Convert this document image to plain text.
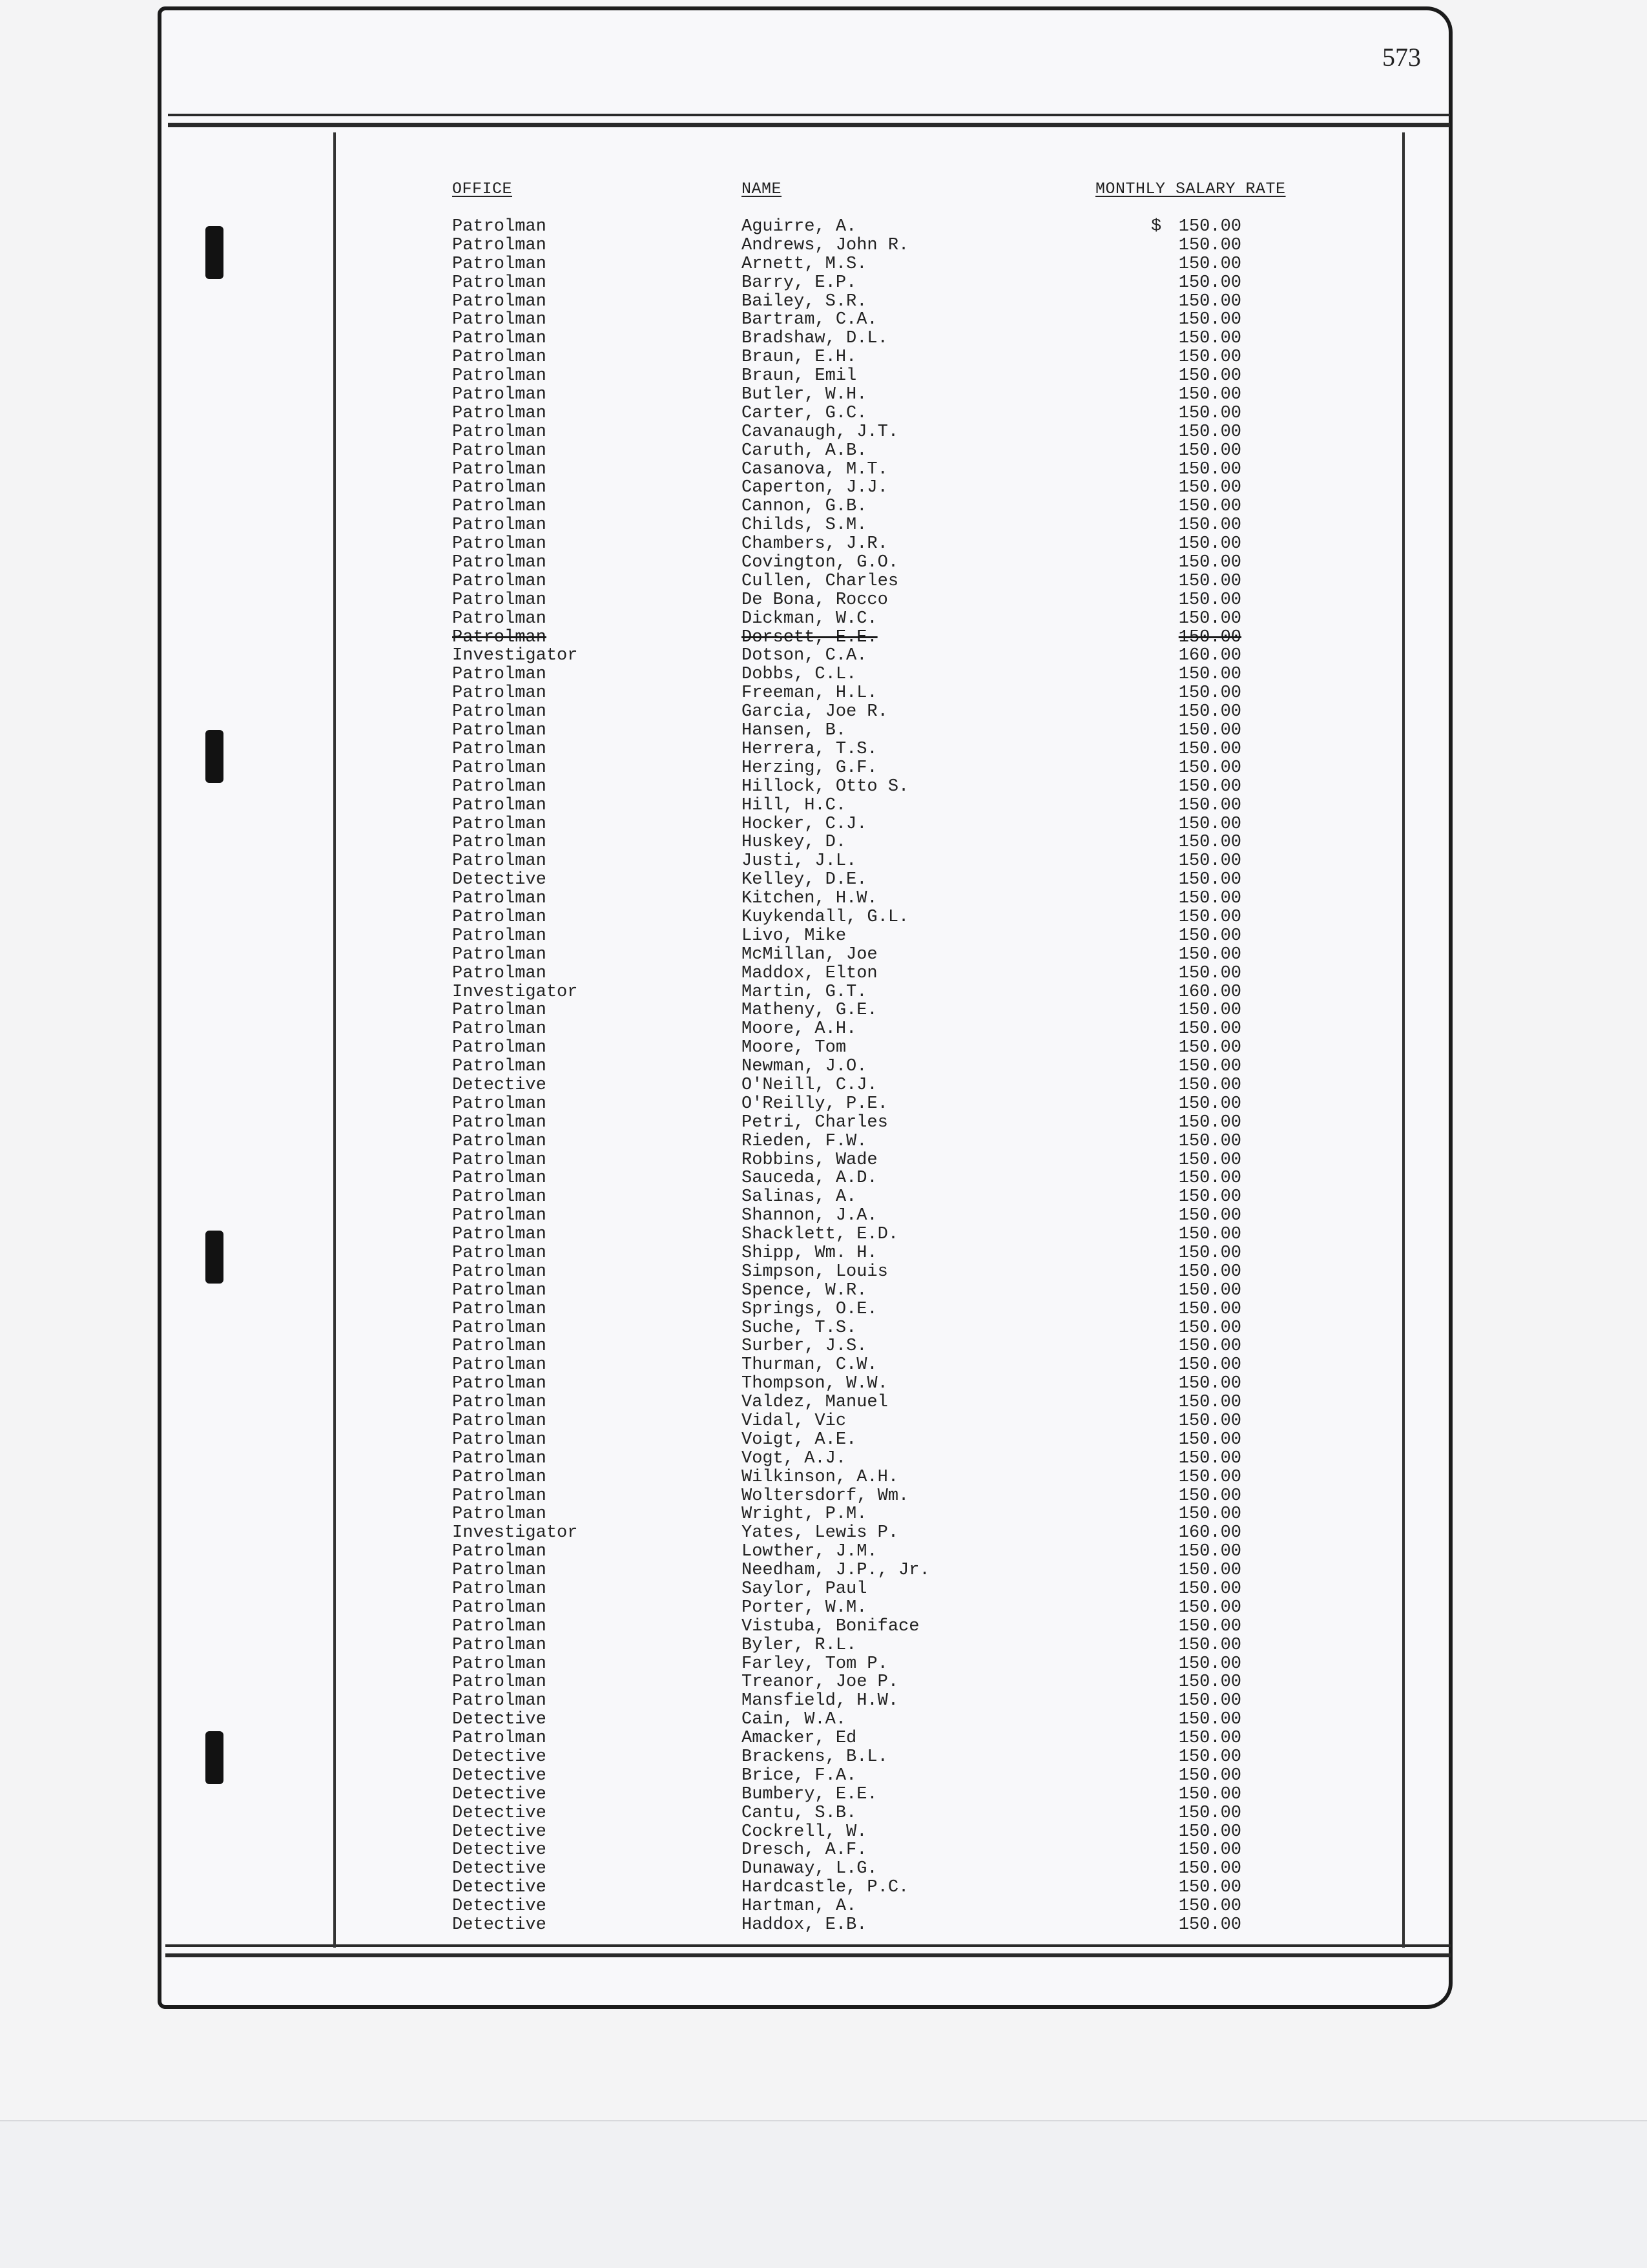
573
OFFICE	NAME	MONTHLY SALARY RATE
Patrolman	Aguirre, A.	$ 150.00
Patrolman	Andrews, John R.	150.00
Patrolman	Arnett, M.S.	150.00
Patrolman	Barry, E.P.	150.00
Patrolman	Bailey, S.R.	150.00
Patrolman	Bartram, C.A.	150.00
Patrolman	Bradshaw, D.L.	150.00
Patrolman	Braun, E.H.	150.00
Patrolman	Braun, Emil	150.00
Patrolman	Butler, W.H.	150.00
Patrolman	Carter, G.C.	150.00
Patrolman	Cavanaugh, J.T.	150.00
Patrolman	Caruth, A.B.	150.00
Patrolman	Casanova, M.T.	150.00
Patrolman	Caperton, J.J.	150.00
Patrolman	Cannon, G.B.	150.00
Patrolman	Childs, S.M.	150.00
Patrolman	Chambers, J.R.	150.00
Patrolman	Covington, G.O.	150.00
Patrolman	Cullen, Charles	150.00
Patrolman	De Bona, Rocco	150.00
Patrolman	Dickman, W.C.	150.00
Patrolman	Dorsett, E.E.	150.00
Investigator	Dotson, C.A.	160.00
Patrolman	Dobbs, C.L.	150.00
Patrolman	Freeman, H.L.	150.00
Patrolman	Garcia, Joe R.	150.00
Patrolman	Hansen, B.	150.00
Patrolman	Herrera, T.S.	150.00
Patrolman	Herzing, G.F.	150.00
Patrolman	Hillock, Otto S.	150.00
Patrolman	Hill, H.C.	150.00
Patrolman	Hocker, C.J.	150.00
Patrolman	Huskey, D.	150.00
Patrolman	Justi, J.L.	150.00
Detective	Kelley, D.E.	150.00
Patrolman	Kitchen, H.W.	150.00
Patrolman	Kuykendall, G.L.	150.00
Patrolman	Livo, Mike	150.00
Patrolman	McMillan, Joe	150.00
Patrolman	Maddox, Elton	150.00
Investigator	Martin, G.T.	160.00
Patrolman	Matheny, G.E.	150.00
Patrolman	Moore, A.H.	150.00
Patrolman	Moore, Tom	150.00
Patrolman	Newman, J.O.	150.00
Detective	O'Neill, C.J.	150.00
Patrolman	O'Reilly, P.E.	150.00
Patrolman	Petri, Charles	150.00
Patrolman	Rieden, F.W.	150.00
Patrolman	Robbins, Wade	150.00
Patrolman	Sauceda, A.D.	150.00
Patrolman	Salinas, A.	150.00
Patrolman	Shannon, J.A.	150.00
Patrolman	Shacklett, E.D.	150.00
Patrolman	Shipp, Wm. H.	150.00
Patrolman	Simpson, Louis	150.00
Patrolman	Spence, W.R.	150.00
Patrolman	Springs, O.E.	150.00
Patrolman	Suche, T.S.	150.00
Patrolman	Surber, J.S.	150.00
Patrolman	Thurman, C.W.	150.00
Patrolman	Thompson, W.W.	150.00
Patrolman	Valdez, Manuel	150.00
Patrolman	Vidal, Vic	150.00
Patrolman	Voigt, A.E.	150.00
Patrolman	Vogt, A.J.	150.00
Patrolman	Wilkinson, A.H.	150.00
Patrolman	Woltersdorf, Wm.	150.00
Patrolman	Wright, P.M.	150.00
Investigator	Yates, Lewis P.	160.00
Patrolman	Lowther, J.M.	150.00
Patrolman	Needham, J.P., Jr.	150.00
Patrolman	Saylor, Paul	150.00
Patrolman	Porter, W.M.	150.00
Patrolman	Vistuba, Boniface	150.00
Patrolman	Byler, R.L.	150.00
Patrolman	Farley, Tom P.	150.00
Patrolman	Treanor, Joe P.	150.00
Patrolman	Mansfield, H.W.	150.00
Detective	Cain, W.A.	150.00
Patrolman	Amacker, Ed	150.00
Detective	Brackens, B.L.	150.00
Detective	Brice, F.A.	150.00
Detective	Bumbery, E.E.	150.00
Detective	Cantu, S.B.	150.00
Detective	Cockrell, W.	150.00
Detective	Dresch, A.F.	150.00
Detective	Dunaway, L.G.	150.00
Detective	Hardcastle, P.C.	150.00
Detective	Hartman, A.	150.00
Detective	Haddox, E.B.	150.00
